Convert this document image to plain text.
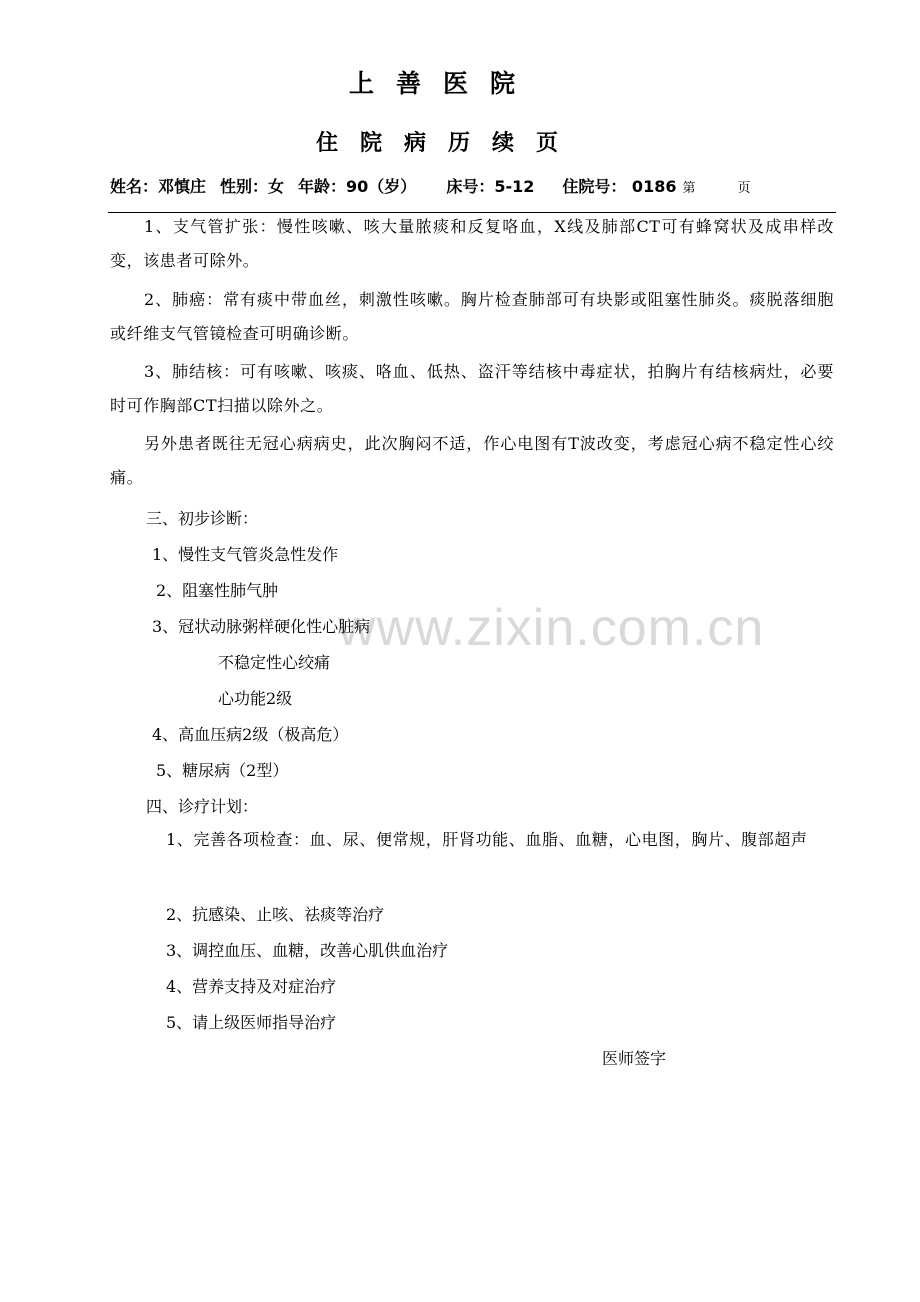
上善医院
住院病历续页
姓名：邓慎庄 性别：女 年龄：90（岁） 床号：5-12 住院号： 0186 第	页
www.zixin.com.cn
1、支气管扩张：慢性咳嗽、咳大量脓痰和反复咯血，X线及肺部CT可有蜂窝状及成串样改变，该患者可除外。
2、肺癌：常有痰中带血丝，刺激性咳嗽。胸片检查肺部可有块影或阻塞性肺炎。痰脱落细胞或纤维支气管镜检查可明确诊断。
3、肺结核：可有咳嗽、咳痰、咯血、低热、盗汗等结核中毒症状，拍胸片有结核病灶，必要时可作胸部CT扫描以除外之。
另外患者既往无冠心病病史，此次胸闷不适，作心电图有T波改变，考虑冠心病不稳定性心绞痛。
三、初步诊断：
1、慢性支气管炎急性发作
2、阻塞性肺气肿
3、冠状动脉粥样硬化性心脏病
不稳定性心绞痛
心功能2级
4、高血压病2级（极高危）
5、糖尿病（2型）
四、诊疗计划：
1、完善各项检查：血、尿、便常规，肝肾功能、血脂、血糖，心电图，胸片、腹部超声
2、抗感染、止咳、祛痰等治疗
3、调控血压、血糖，改善心肌供血治疗
4、营养支持及对症治疗
5、请上级医师指导治疗
医师签字
